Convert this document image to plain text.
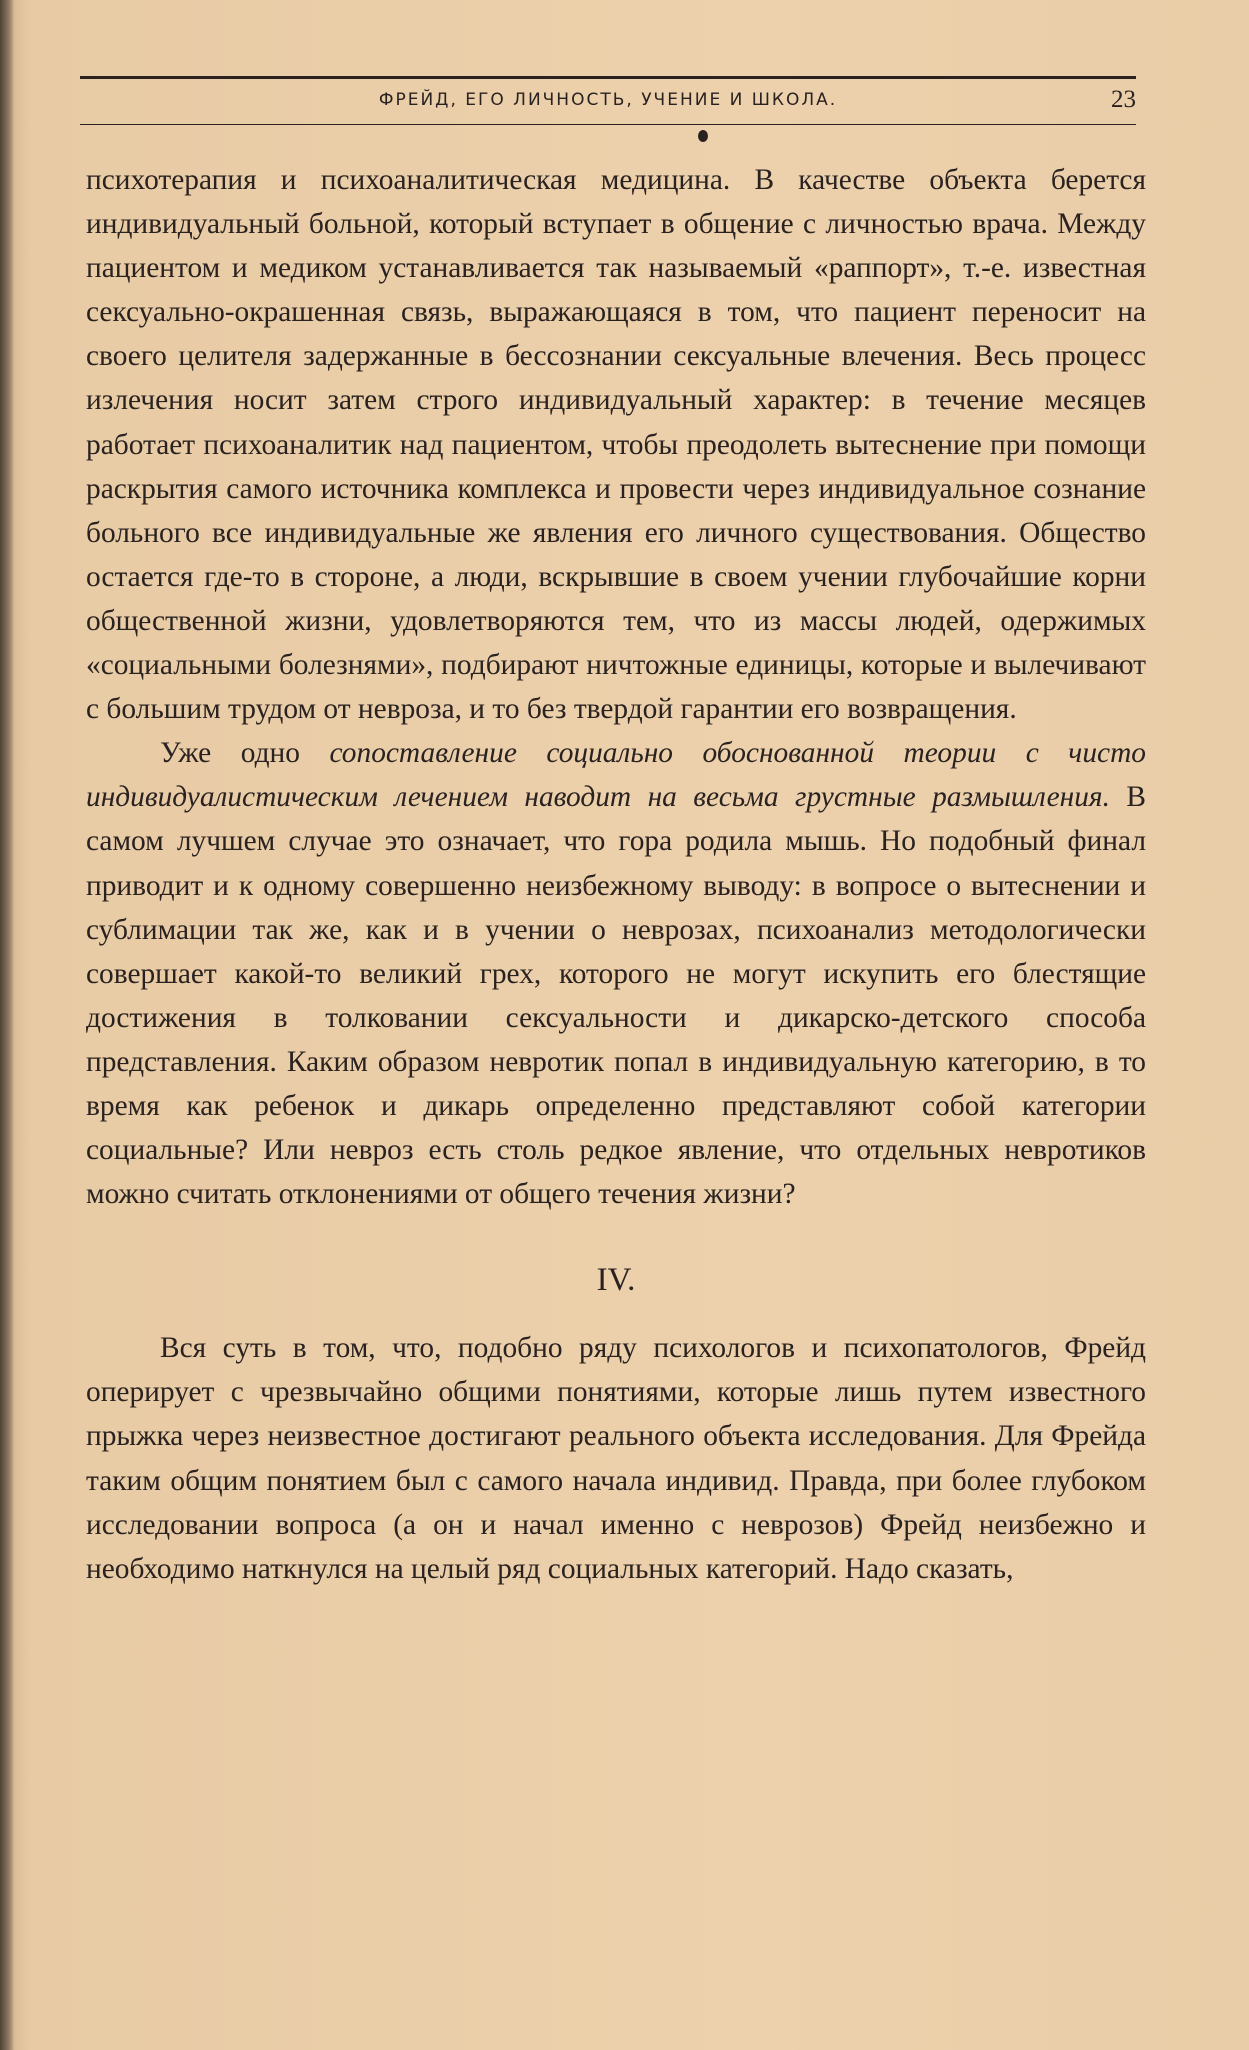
ФРЕЙД, ЕГО ЛИЧНОСТЬ, УЧЕНИЕ И ШКОЛА.	23

психотерапия и психоаналитическая медицина. В качестве объекта берется индивидуальный больной, который вступает в общение с личностью врача. Между пациентом и медиком устанавливается так называемый «раппорт», т.-е. известная сексуально-окрашенная связь, выражающаяся в том, что пациент переносит на своего целителя задержанные в бессознании сексуальные влечения. Весь процесс излечения носит затем строго индивидуальный характер: в течение месяцев работает психоаналитик над пациентом, чтобы преодолеть вытеснение при помощи раскрытия самого источника комплекса и провести через индивидуальное сознание больного все индивидуальные же явления его личного существования. Общество остается где-то в стороне, а люди, вскрывшие в своем учении глубочайшие корни общественной жизни, удовлетворяются тем, что из массы людей, одержимых «социальными болезнями», подбирают ничтожные единицы, которые и вылечивают с большим трудом от невроза, и то без твердой гарантии его возвращения.

Уже одно сопоставление социально обоснованной теории с чисто индивидуалистическим лечением наводит на весьма грустные размышления. В самом лучшем случае это означает, что гора родила мышь. Но подобный финал приводит и к одному совершенно неизбежному выводу: в вопросе о вытеснении и сублимации так же, как и в учении о неврозах, психоанализ методологически совершает какой-то великий грех, которого не могут искупить его блестящие достижения в толковании сексуальности и дикарско-детского способа представления. Каким образом невротик попал в индивидуальную категорию, в то время как ребенок и дикарь определенно представляют собой категории социальные? Или невроз есть столь редкое явление, что отдельных невротиков можно считать отклонениями от общего течения жизни?

IV.

Вся суть в том, что, подобно ряду психологов и психопатологов, Фрейд оперирует с чрезвычайно общими понятиями, которые лишь путем известного прыжка через неизвестное достигают реального объекта исследования. Для Фрейда таким общим понятием был с самого начала индивид. Правда, при более глубоком исследовании вопроса (а он и начал именно с неврозов) Фрейд неизбежно и необходимо наткнулся на целый ряд социальных категорий. Надо сказать,
